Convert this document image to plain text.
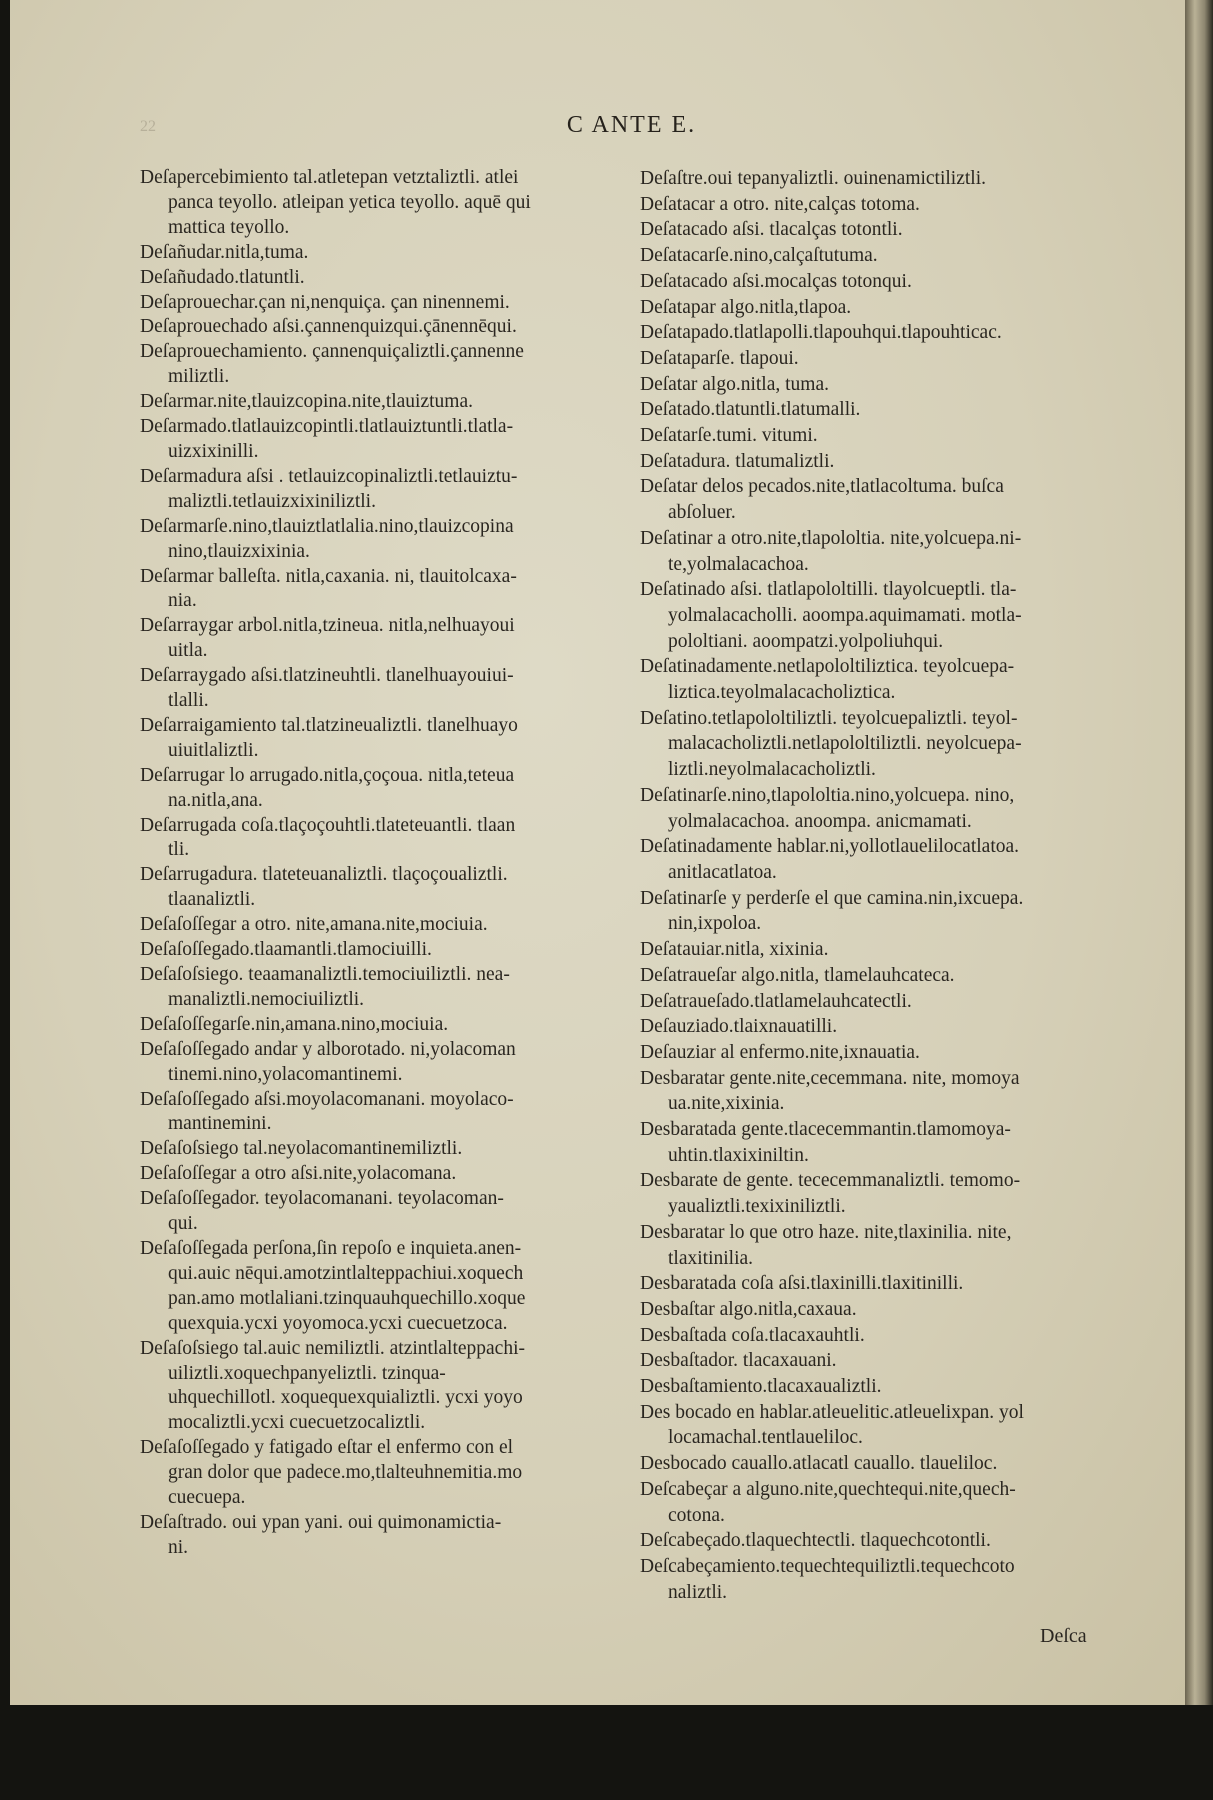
22	C ANTE E.
Deſapercebimiento tal.atletepan vetztaliztli. atlei
panca teyollo. atleipan yetica teyollo. aquē qui
mattica teyollo.
Deſañudar.nitla,tuma.
Deſañudado.tlatuntli.
Deſaprouechar.çan ni,nenquiça. çan ninennemi.
Deſaprouechado aſsi.çannenquizqui.çānennēqui.
Deſaprouechamiento. çannenquiçaliztli.çannenne
miliztli.
Deſarmar.nite,tlauizcopina.nite,tlauiztuma.
Deſarmado.tlatlauizcopintli.tlatlauiztuntli.tlatla-
uizxixinilli.
Deſarmadura aſsi . tetlauizcopinaliztli.tetlauiztu-
maliztli.tetlauizxixiniliztli.
Deſarmarſe.nino,tlauiztlatlalia.nino,tlauizcopina
nino,tlauizxixinia.
Deſarmar balleſta. nitla,caxania. ni, tlauitolcaxa-
nia.
Deſarraygar arbol.nitla,tzineua. nitla,nelhuayoui
uitla.
Deſarraygado aſsi.tlatzineuhtli. tlanelhuayouiui-
tlalli.
Deſarraigamiento tal.tlatzineualiztli. tlanelhuayo
uiuitlaliztli.
Deſarrugar lo arrugado.nitla,çoçoua. nitla,teteua
na.nitla,ana.
Deſarrugada coſa.tlaçoçouhtli.tlateteuantli. tlaan
tli.
Deſarrugadura. tlateteuanaliztli. tlaçoçoualiztli.
tlaanaliztli.
Deſaſoſſegar a otro. nite,amana.nite,mociuia.
Deſaſoſſegado.tlaamantli.tlamociuilli.
Deſaſoſsiego. teaamanaliztli.temociuiliztli. nea-
manaliztli.nemociuiliztli.
Deſaſoſſegarſe.nin,amana.nino,mociuia.
Deſaſoſſegado andar y alborotado. ni,yolacoman
tinemi.nino,yolacomantinemi.
Deſaſoſſegado aſsi.moyolacomanani. moyolaco-
mantinemini.
Deſaſoſsiego tal.neyolacomantinemiliztli.
Deſaſoſſegar a otro aſsi.nite,yolacomana.
Deſaſoſſegador. teyolacomanani. teyolacoman-
qui.
Deſaſoſſegada perſona,ſin repoſo e inquieta.anen-
qui.auic nēqui.amotzintlalteppachiui.xoquech
pan.amo motlaliani.tzinquauhquechillo.xoque
quexquia.ycxi yoyomoca.ycxi cuecuetzoca.
Deſaſoſsiego tal.auic nemiliztli. atzintlalteppachi-
uiliztli.xoquechpanyeliztli. tzinqua-
uhquechillotl. xoquequexquializtli. ycxi yoyo
mocaliztli.ycxi cuecuetzocaliztli.
Deſaſoſſegado y fatigado eſtar el enfermo con el
gran dolor que padece.mo,tlalteuhnemitia.mo
cuecuepa.
Deſaſtrado. oui ypan yani. oui quimonamictia-
ni.
Deſaſtre.oui tepanyaliztli. ouinenamictiliztli.
Deſatacar a otro. nite,calças totoma.
Deſatacado aſsi. tlacalças totontli.
Deſatacarſe.nino,calçaſtutuma.
Deſatacado aſsi.mocalças totonqui.
Deſatapar algo.nitla,tlapoa.
Deſatapado.tlatlapolli.tlapouhqui.tlapouhticac.
Deſataparſe. tlapoui.
Deſatar algo.nitla, tuma.
Deſatado.tlatuntli.tlatumalli.
Deſatarſe.tumi. vitumi.
Deſatadura. tlatumaliztli.
Deſatar delos pecados.nite,tlatlacoltuma. buſca
abſoluer.
Deſatinar a otro.nite,tlapololtia. nite,yolcuepa.ni-
te,yolmalacachoa.
Deſatinado aſsi. tlatlapololtilli. tlayolcueptli. tla-
yolmalacacholli. aoompa.aquimamati. motla-
pololtiani. aoompatzi.yolpoliuhqui.
Deſatinadamente.netlapololtiliztica. teyolcuepa-
liztica.teyolmalacacholiztica.
Deſatino.tetlapololtiliztli. teyolcuepaliztli. teyol-
malacacholiztli.netlapololtiliztli. neyolcuepa-
liztli.neyolmalacacholiztli.
Deſatinarſe.nino,tlapololtia.nino,yolcuepa. nino,
yolmalacachoa. anoompa. anicmamati.
Deſatinadamente hablar.ni,yollotlauelilocatlatoa.
anitlacatlatoa.
Deſatinarſe y perderſe el que camina.nin,ixcuepa.
nin,ixpoloa.
Deſatauiar.nitla, xixinia.
Deſatraueſar algo.nitla, tlamelauhcateca.
Deſatraueſado.tlatlamelauhcatectli.
Deſauziado.tlaixnauatilli.
Deſauziar al enfermo.nite,ixnauatia.
Desbaratar gente.nite,cecemmana. nite, momoya
ua.nite,xixinia.
Desbaratada gente.tlacecemmantin.tlamomoya-
uhtin.tlaxixiniltin.
Desbarate de gente. tececemmanaliztli. temomo-
yaualiztli.texixiniliztli.
Desbaratar lo que otro haze. nite,tlaxinilia. nite,
tlaxitinilia.
Desbaratada coſa aſsi.tlaxinilli.tlaxitinilli.
Desbaſtar algo.nitla,caxaua.
Desbaſtada coſa.tlacaxauhtli.
Desbaſtador. tlacaxauani.
Desbaſtamiento.tlacaxaualiztli.
Des bocado en hablar.atleuelitic.atleuelixpan. yol
locamachal.tentlaueliloc.
Desbocado cauallo.atlacatl cauallo. tlaueliloc.
Deſcabeçar a alguno.nite,quechtequi.nite,quech-
cotona.
Deſcabeçado.tlaquechtectli. tlaquechcotontli.
Deſcabeçamiento.tequechtequiliztli.tequechcoto
naliztli.
Deſca
